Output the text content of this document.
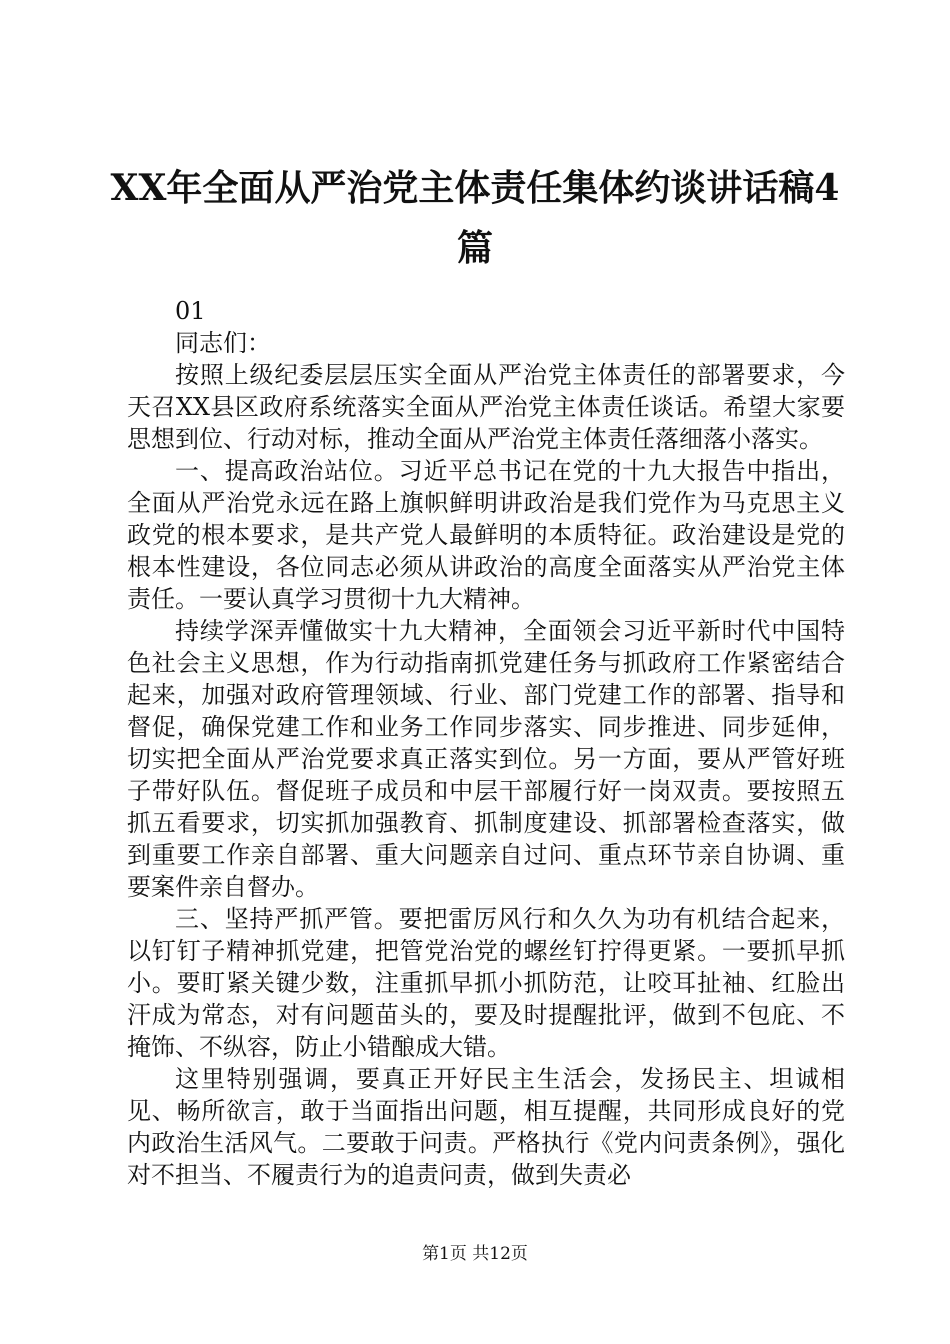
XX年全面从严治党主体责任集体约谈讲话稿4篇

01

同志们：

按照上级纪委层层压实全面从严治党主体责任的部署要求，今天召XX县区政府系统落实全面从严治党主体责任谈话。希望大家要思想到位、行动对标，推动全面从严治党主体责任落细落小落实。

一、提高政治站位。习近平总书记在党的十九大报告中指出，全面从严治党永远在路上旗帜鲜明讲政治是我们党作为马克思主义政党的根本要求，是共产党人最鲜明的本质特征。政治建设是党的根本性建设，各位同志必须从讲政治的高度全面落实从严治党主体责任。一要认真学习贯彻十九大精神。

持续学深弄懂做实十九大精神，全面领会习近平新时代中国特色社会主义思想，作为行动指南抓党建任务与抓政府工作紧密结合起来，加强对政府管理领域、行业、部门党建工作的部署、指导和督促，确保党建工作和业务工作同步落实、同步推进、同步延伸，切实把全面从严治党要求真正落实到位。另一方面，要从严管好班子带好队伍。督促班子成员和中层干部履行好一岗双责。要按照五抓五看要求，切实抓加强教育、抓制度建设、抓部署检查落实，做到重要工作亲自部署、重大问题亲自过问、重点环节亲自协调、重要案件亲自督办。

三、坚持严抓严管。要把雷厉风行和久久为功有机结合起来，以钉钉子精神抓党建，把管党治党的螺丝钉拧得更紧。一要抓早抓小。要盯紧关键少数，注重抓早抓小抓防范，让咬耳扯袖、红脸出汗成为常态，对有问题苗头的，要及时提醒批评，做到不包庇、不掩饰、不纵容，防止小错酿成大错。

这里特别强调，要真正开好民主生活会，发扬民主、坦诚相见、畅所欲言，敢于当面指出问题，相互提醒，共同形成良好的党内政治生活风气。二要敢于问责。严格执行《党内问责条例》，强化对不担当、不履责行为的追责问责，做到失责必

第1页 共12页
